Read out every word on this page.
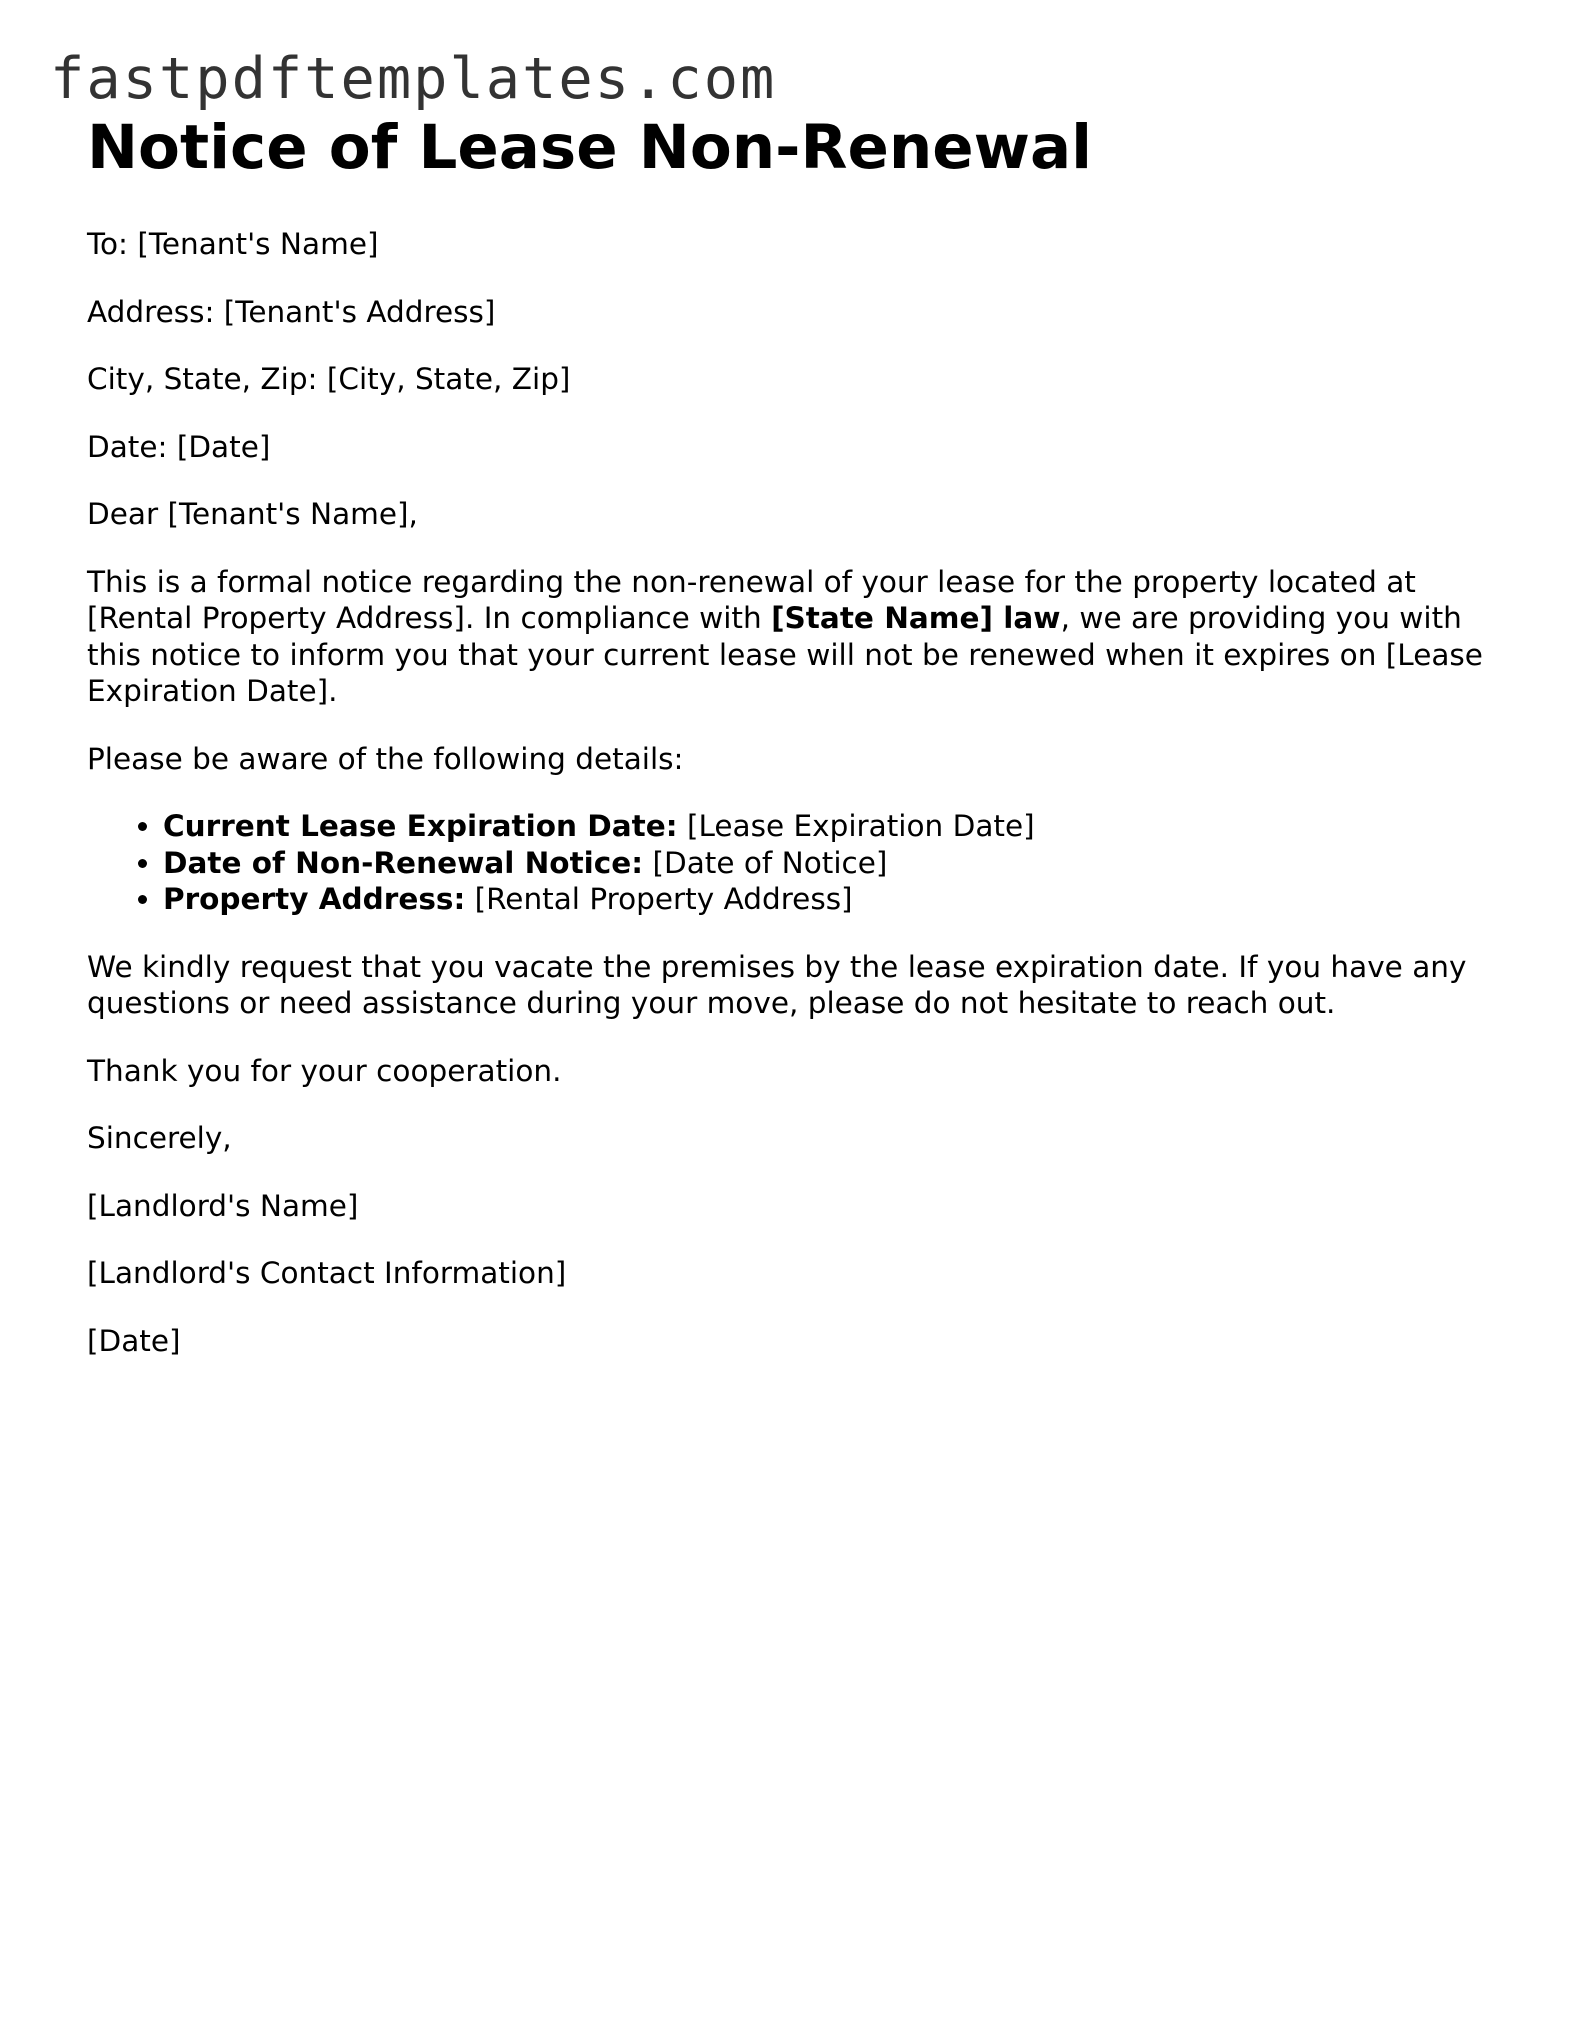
fastpdftemplates.com
Notice of Lease Non-Renewal

To: [Tenant's Name]

Address: [Tenant's Address]

City, State, Zip: [City, State, Zip]

Date: [Date]

Dear [Tenant's Name],

This is a formal notice regarding the non-renewal of your lease for the property located at [Rental Property Address]. In compliance with [State Name] law, we are providing you with this notice to inform you that your current lease will not be renewed when it expires on [Lease Expiration Date].

Please be aware of the following details:

• Current Lease Expiration Date: [Lease Expiration Date]
• Date of Non-Renewal Notice: [Date of Notice]
• Property Address: [Rental Property Address]

We kindly request that you vacate the premises by the lease expiration date. If you have any questions or need assistance during your move, please do not hesitate to reach out.

Thank you for your cooperation.

Sincerely,

[Landlord's Name]

[Landlord's Contact Information]

[Date]
